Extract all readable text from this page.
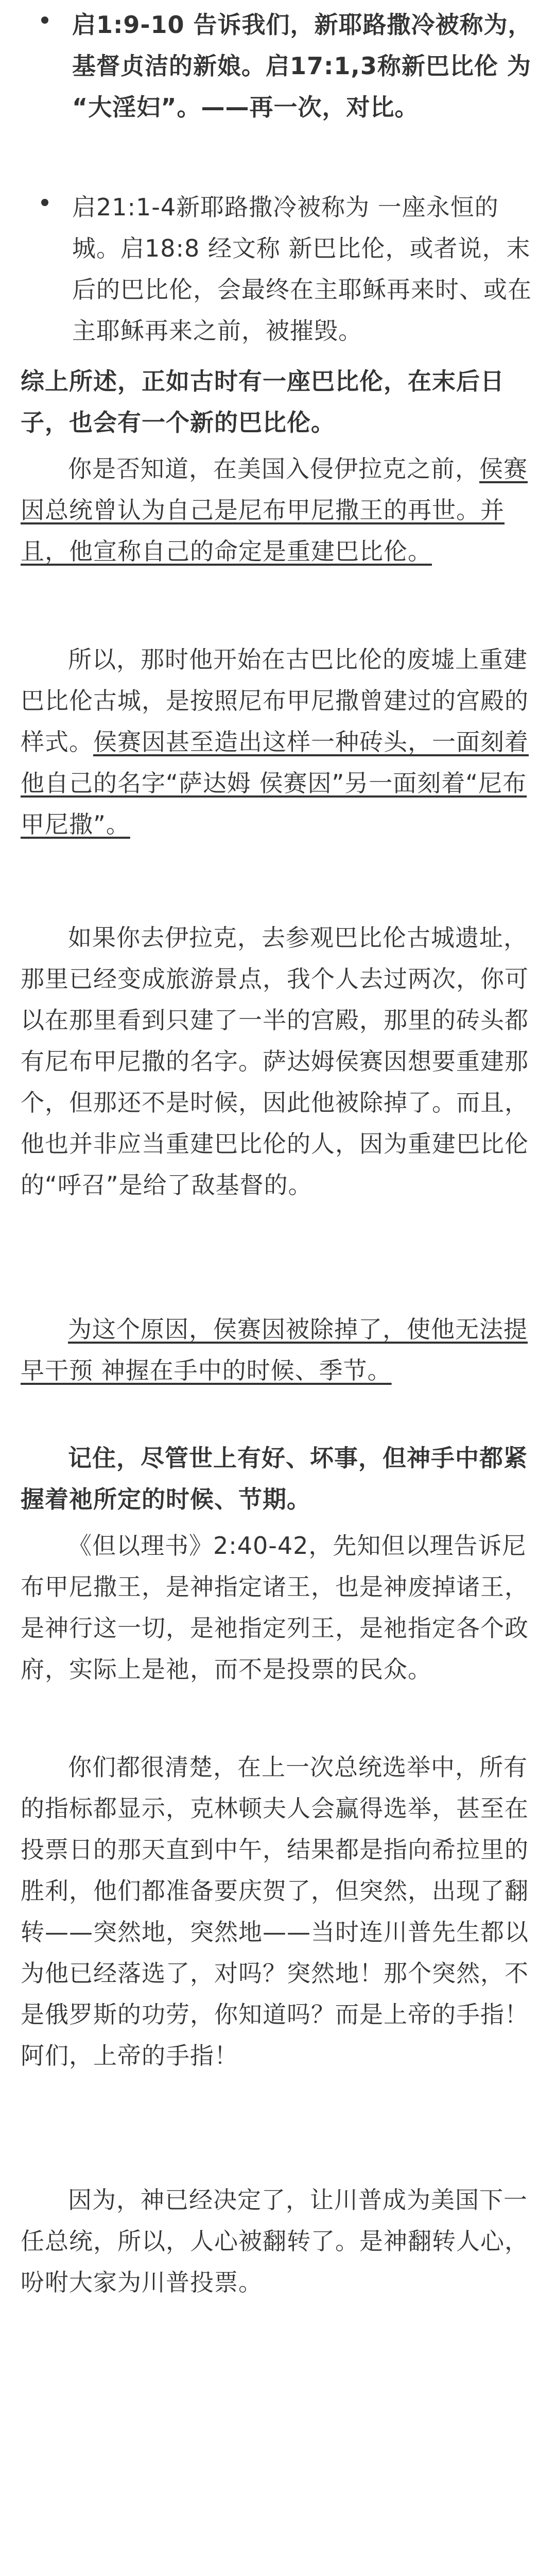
启1:9-10 告诉我们，新耶路撒冷被称为，基督贞洁的新娘。启17:1,3称新巴比伦 为 “大淫妇”。——再一次，对比。
启21:1-4新耶路撒冷被称为 一座永恒的城。启18:8 经文称 新巴比伦，或者说，末后的巴比伦，会最终在主耶稣再来时、或在主耶稣再来之前，被摧毁。
综上所述，正如古时有一座巴比伦，在末后日子，也会有一个新的巴比伦。
你是否知道，在美国入侵伊拉克之前，侯赛因总统曾认为自己是尼布甲尼撒王的再世。并且，他宣称自己的命定是重建巴比伦。
所以，那时他开始在古巴比伦的废墟上重建巴比伦古城，是按照尼布甲尼撒曾建过的宫殿的样式。侯赛因甚至造出这样一种砖头，一面刻着他自己的名字“萨达姆 侯赛因”另一面刻着“尼布甲尼撒”。
如果你去伊拉克，去参观巴比伦古城遗址，那里已经变成旅游景点，我个人去过两次，你可以在那里看到只建了一半的宫殿，那里的砖头都有尼布甲尼撒的名字。萨达姆侯赛因想要重建那个，但那还不是时候，因此他被除掉了。而且，他也并非应当重建巴比伦的人，因为重建巴比伦的“呼召”是给了敌基督的。
为这个原因，侯赛因被除掉了，使他无法提早干预 神握在手中的时候、季节。
记住，尽管世上有好、坏事，但神手中都紧握着祂所定的时候、节期。
《但以理书》2:40-42，先知但以理告诉尼布甲尼撒王，是神指定诸王，也是神废掉诸王，是神行这一切，是祂指定列王，是祂指定各个政府，实际上是祂，而不是投票的民众。
你们都很清楚，在上一次总统选举中，所有的指标都显示，克林顿夫人会赢得选举，甚至在投票日的那天直到中午，结果都是指向希拉里的胜利，他们都准备要庆贺了，但突然，出现了翻转——突然地，突然地——当时连川普先生都以为他已经落选了，对吗？突然地！那个突然，不是俄罗斯的功劳，你知道吗？而是上帝的手指！阿们，上帝的手指！
因为，神已经决定了，让川普成为美国下一任总统，所以，人心被翻转了。是神翻转人心，吩咐大家为川普投票。
